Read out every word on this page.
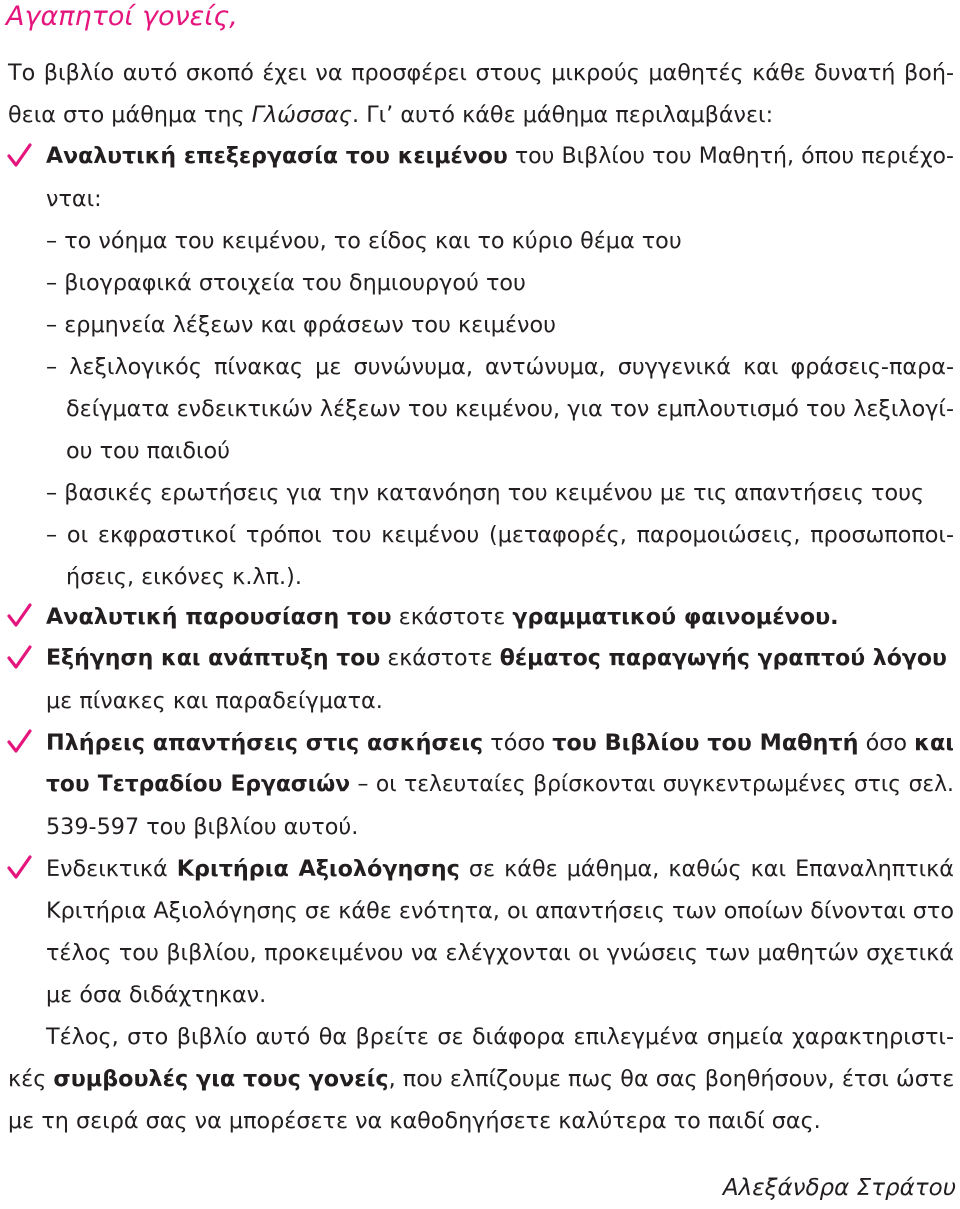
Αγαπητοί γονείς,
Το βιβλίο αυτό σκοπό έχει να προσφέρει στους μικρούς μαθητές κάθε δυνατή βοή-
θεια στο μάθημα της Γλώσσας. Γι’ αυτό κάθε μάθημα περιλαμβάνει:
Αναλυτική επεξεργασία του κειμένου του Βιβλίου του Μαθητή, όπου περιέχο-
νται:
– το νόημα του κειμένου, το είδος και το κύριο θέμα του
– βιογραφικά στοιχεία του δημιουργού του
– ερμηνεία λέξεων και φράσεων του κειμένου
– λεξιλογικός πίνακας με συνώνυμα, αντώνυμα, συγγενικά και φράσεις-παρα-
δείγματα ενδεικτικών λέξεων του κειμένου, για τον εμπλουτισμό του λεξιλογί-
ου του παιδιού
– βασικές ερωτήσεις για την κατανόηση του κειμένου με τις απαντήσεις τους
– οι εκφραστικοί τρόποι του κειμένου (μεταφορές, παρομοιώσεις, προσωποποι-
ήσεις, εικόνες κ.λπ.).
Αναλυτική παρουσίαση του εκάστοτε γραμματικού φαινομένου.
Εξήγηση και ανάπτυξη του εκάστοτε θέματος παραγωγής γραπτού λόγου
με πίνακες και παραδείγματα.
Πλήρεις απαντήσεις στις ασκήσεις τόσο του Βιβλίου του Μαθητή όσο και
του Τετραδίου Εργασιών – οι τελευταίες βρίσκονται συγκεντρωμένες στις σελ.
539-597 του βιβλίου αυτού.
Ενδεικτικά Κριτήρια Αξιολόγησης σε κάθε μάθημα, καθώς και Επαναληπτικά
Κριτήρια Αξιολόγησης σε κάθε ενότητα, οι απαντήσεις των οποίων δίνονται στο
τέλος του βιβλίου, προκειμένου να ελέγχονται οι γνώσεις των μαθητών σχετικά
με όσα διδάχτηκαν.
Τέλος, στο βιβλίο αυτό θα βρείτε σε διάφορα επιλεγμένα σημεία χαρακτηριστι-
κές συμβουλές για τους γονείς, που ελπίζουμε πως θα σας βοηθήσουν, έτσι ώστε
με τη σειρά σας να μπορέσετε να καθοδηγήσετε καλύτερα το παιδί σας.
Αλεξάνδρα Στράτου
